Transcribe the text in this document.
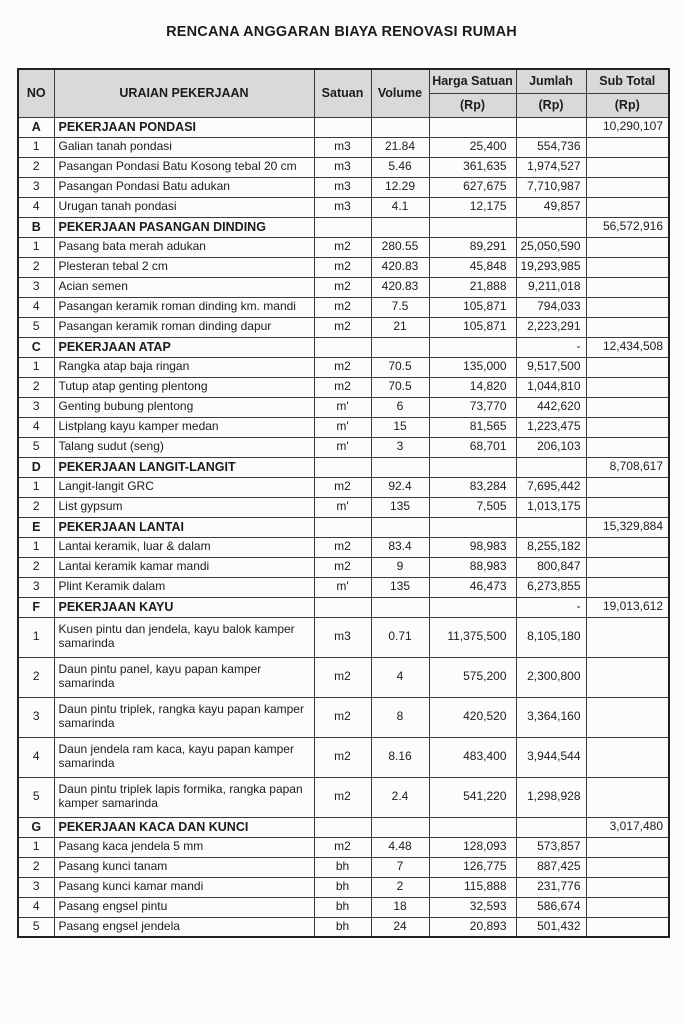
RENCANA ANGGARAN BIAYA RENOVASI RUMAH
NO	URAIAN PEKERJAAN	Satuan	Volume	Harga Satuan	Jumlah	Sub Total
				(Rp)	(Rp)	(Rp)
A	PEKERJAAN PONDASI					10,290,107
1	Galian tanah pondasi	m3	21.84	25,400	554,736	
2	Pasangan Pondasi Batu Kosong tebal 20 cm	m3	5.46	361,635	1,974,527	
3	Pasangan Pondasi Batu adukan	m3	12.29	627,675	7,710,987	
4	Urugan tanah pondasi	m3	4.1	12,175	49,857	
B	PEKERJAAN PASANGAN DINDING					56,572,916
1	Pasang bata merah adukan	m2	280.55	89,291	25,050,590	
2	Plesteran tebal 2 cm	m2	420.83	45,848	19,293,985	
3	Acian semen	m2	420.83	21,888	9,211,018	
4	Pasangan keramik roman dinding km. mandi	m2	7.5	105,871	794,033	
5	Pasangan keramik roman dinding dapur	m2	21	105,871	2,223,291	
C	PEKERJAAN ATAP				-	12,434,508
1	Rangka atap baja ringan	m2	70.5	135,000	9,517,500	
2	Tutup atap genting plentong	m2	70.5	14,820	1,044,810	
3	Genting bubung plentong	m'	6	73,770	442,620	
4	Listplang kayu kamper medan	m'	15	81,565	1,223,475	
5	Talang sudut (seng)	m'	3	68,701	206,103	
D	PEKERJAAN LANGIT-LANGIT					8,708,617
1	Langit-langit GRC	m2	92.4	83,284	7,695,442	
2	List gypsum	m'	135	7,505	1,013,175	
E	PEKERJAAN LANTAI					15,329,884
1	Lantai keramik, luar & dalam	m2	83.4	98,983	8,255,182	
2	Lantai keramik kamar mandi	m2	9	88,983	800,847	
3	Plint Keramik dalam	m'	135	46,473	6,273,855	
F	PEKERJAAN KAYU				-	19,013,612
1	Kusen pintu dan jendela, kayu balok kamper samarinda	m3	0.71	11,375,500	8,105,180	
2	Daun pintu panel, kayu papan kamper samarinda	m2	4	575,200	2,300,800	
3	Daun pintu triplek, rangka kayu papan kamper samarinda	m2	8	420,520	3,364,160	
4	Daun jendela ram kaca, kayu papan kamper samarinda	m2	8.16	483,400	3,944,544	
5	Daun pintu triplek lapis formika, rangka papan kamper samarinda	m2	2.4	541,220	1,298,928	
G	PEKERJAAN KACA DAN KUNCI					3,017,480
1	Pasang kaca jendela 5 mm	m2	4.48	128,093	573,857	
2	Pasang kunci tanam	bh	7	126,775	887,425	
3	Pasang kunci kamar mandi	bh	2	115,888	231,776	
4	Pasang engsel pintu	bh	18	32,593	586,674	
5	Pasang engsel jendela	bh	24	20,893	501,432	
